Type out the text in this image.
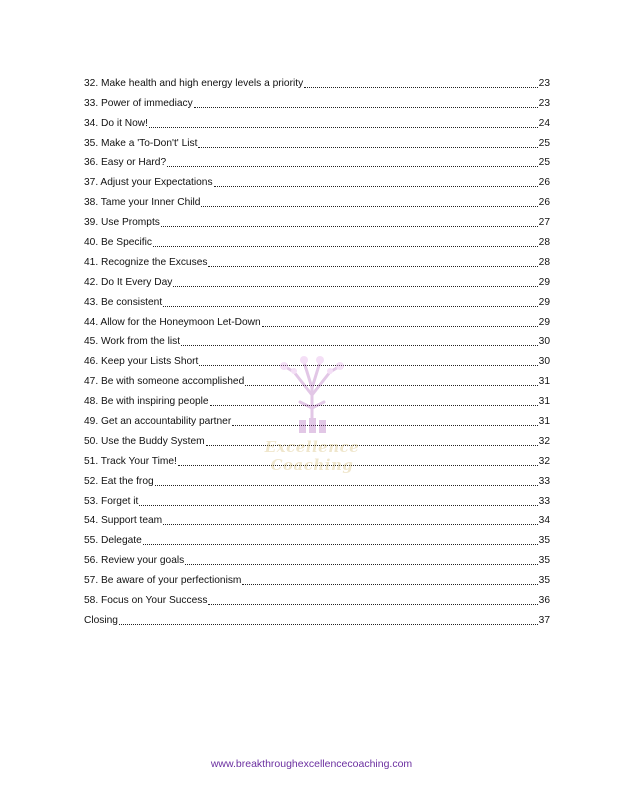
32. Make health and high energy levels a priority	23
33. Power of immediacy	23
34. Do it Now!	24
35. Make a 'To-Don't' List	25
36. Easy or Hard?	25
37. Adjust your Expectations	26
38. Tame your Inner Child	26
39. Use Prompts	27
40. Be Specific	28
41. Recognize the Excuses	28
42. Do It Every Day	29
43. Be consistent	29
44. Allow for the Honeymoon Let-Down	29
45. Work from the list	30
46. Keep your Lists Short	30
47. Be with someone accomplished	31
48. Be with inspiring people	31
49. Get an accountability partner	31
50. Use the Buddy System	32
51. Track Your Time!	32
52. Eat the frog	33
53. Forget it	33
54. Support team	34
55. Delegate	35
56. Review your goals	35
57. Be aware of your perfectionism	35
58. Focus on Your Success	36
Closing	37
Excellence Coaching
www.breakthroughexcellencecoaching.com
